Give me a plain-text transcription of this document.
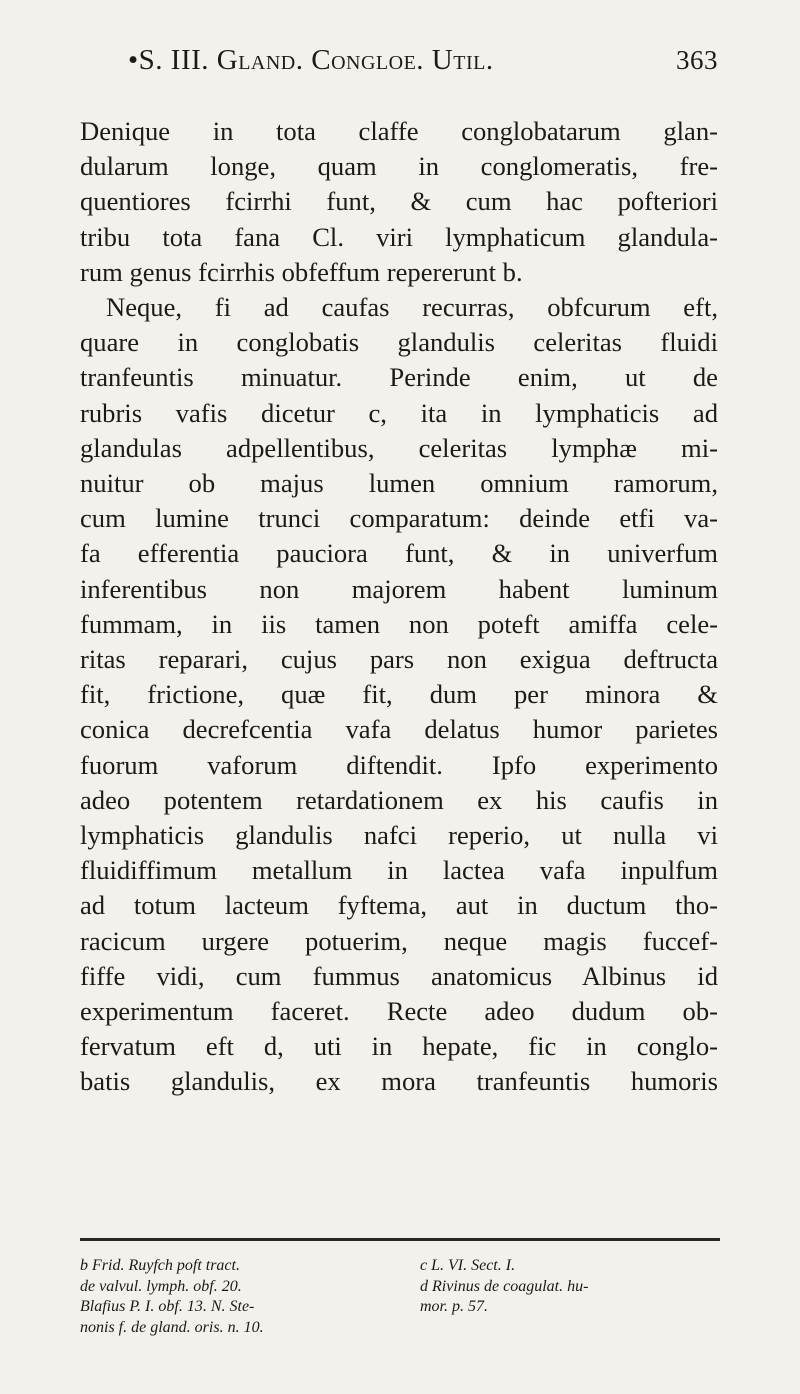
•S. III. Gland. Congloe. Util.	363
Denique in tota claffe conglobatarum glan-
dularum longe, quam in conglomeratis, fre-
quentiores fcirrhi funt, & cum hac pofteriori
tribu tota fana Cl. viri lymphaticum glandula-
rum genus fcirrhis obfeffum repererunt b.
Neque, fi ad caufas recurras, obfcurum eft,
quare in conglobatis glandulis celeritas fluidi
tranfeuntis minuatur. Perinde enim, ut de
rubris vafis dicetur c, ita in lymphaticis ad
glandulas adpellentibus, celeritas lymphæ mi-
nuitur ob majus lumen omnium ramorum,
cum lumine trunci comparatum: deinde etfi va-
fa efferentia pauciora funt, & in univerfum
inferentibus non majorem habent luminum
fummam, in iis tamen non poteft amiffa cele-
ritas reparari, cujus pars non exigua deftructa
fit, frictione, quæ fit, dum per minora &
conica decrefcentia vafa delatus humor parietes
fuorum vaforum diftendit. Ipfo experimento
adeo potentem retardationem ex his caufis in
lymphaticis glandulis nafci reperio, ut nulla vi
fluidiffimum metallum in lactea vafa inpulfum
ad totum lacteum fyftema, aut in ductum tho-
racicum urgere potuerim, neque magis fuccef-
fiffe vidi, cum fummus anatomicus Albinus id
experimentum faceret. Recte adeo dudum ob-
fervatum eft d, uti in hepate, fic in conglo-
batis glandulis, ex mora tranfeuntis humoris
b Frid. Ruyfch poft tract.
de valvul. lymph. obf. 20.
Blafius P. I. obf. 13. N. Ste-
nonis f. de gland. oris. n. 10.
c L. VI. Sect. I.
d Rivinus de coagulat. hu-
mor. p. 57.
